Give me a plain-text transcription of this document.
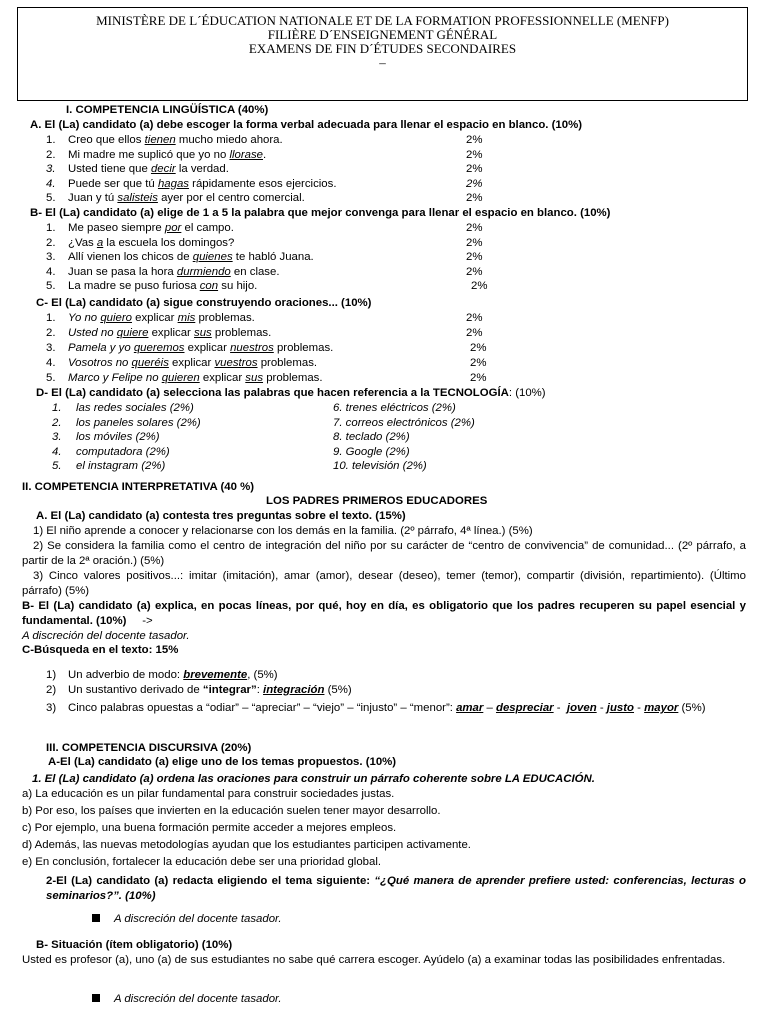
MINISTÈRE DE L´ÉDUCATION NATIONALE ET DE LA FORMATION PROFESSIONNELLE (MENFP)
FILIÈRE D´ENSEIGNEMENT GÉNÉRAL
EXAMENS DE FIN D´ÉTUDES SECONDAIRES
–
I. COMPETENCIA LINGÜÍSTICA (40%)
A. El (La) candidato (a) debe escoger la forma verbal adecuada para llenar el espacio en blanco. (10%)
1. Creo que ellos tienen mucho miedo ahora.	2%
2. Mi madre me suplicó que yo no llorase.	2%
3. Usted tiene que decir la verdad.	2%
4. Puede ser que tú hagas rápidamente esos ejercicios.	2%
5. Juan y tú salisteis ayer por el centro comercial.	2%
B- El (La) candidato (a) elige de 1 a 5 la palabra que mejor convenga para llenar el espacio en blanco. (10%)
1. Me paseo siempre por el campo.	2%
2. ¿Vas a la escuela los domingos?	2%
3. Allí vienen los chicos de quienes te habló Juana.	2%
4. Juan se pasa la hora durmiendo en clase.	2%
5. La madre se puso furiosa con su hijo.	2%
C- El (La) candidato (a) sigue construyendo oraciones... (10%)
1. Yo no quiero explicar mis problemas.	2%
2. Usted no quiere explicar sus problemas.	2%
3. Pamela y yo queremos explicar nuestros problemas.	2%
4. Vosotros no queréis explicar vuestros problemas.	2%
5. Marco y Felipe no quieren explicar sus problemas.	2%
D- El (La) candidato (a) selecciona las palabras que hacen referencia a la TECNOLOGÍA: (10%)
1. las redes sociales (2%)
2. los paneles solares (2%)
3. los móviles (2%)
4. computadora (2%)
5. el instagram (2%)
6. trenes eléctricos (2%)
7. correos electrónicos (2%)
8. teclado (2%)
9. Google (2%)
10. televisión (2%)
II. COMPETENCIA INTERPRETATIVA (40 %)
LOS PADRES PRIMEROS EDUCADORES
A. El (La) candidato (a) contesta tres preguntas sobre el texto. (15%)
1) El niño aprende a conocer y relacionarse con los demás en la familia. (2º párrafo, 4ª línea.) (5%)
2) Se considera la familia como el centro de integración del niño por su carácter de “centro de convivencia” de comunidad... (2º párrafo, a partir de la 2ª oración.) (5%)
3) Cinco valores positivos...: imitar (imitación), amar (amor), desear (deseo), temer (temor), compartir (división, repartimiento). (Último párrafo) (5%)
B- El (La) candidato (a) explica, en pocas líneas, por qué, hoy en día, es obligatorio que los padres recuperen su papel esencial y fundamental. (10%) ->
A discreción del docente tasador.
C-Búsqueda en el texto: 15%
1) Un adverbio de modo: brevemente, (5%)
2) Un sustantivo derivado de “integrar”: integración (5%)
3) Cinco palabras opuestas a “odiar” – “apreciar” – “viejo” – “injusto” – “menor”: amar – despreciar -  joven - justo - mayor (5%)
III. COMPETENCIA DISCURSIVA (20%)
A-El (La) candidato (a) elige uno de los temas propuestos. (10%)
1. El (La) candidato (a) ordena las oraciones para construir un párrafo coherente sobre LA EDUCACIÓN.
a) La educación es un pilar fundamental para construir sociedades justas.
b) Por eso, los países que invierten en la educación suelen tener mayor desarrollo.
c) Por ejemplo, una buena formación permite acceder a mejores empleos.
d) Además, las nuevas metodologías ayudan que los estudiantes participen activamente.
e) En conclusión, fortalecer la educación debe ser una prioridad global.
2-El (La) candidato (a) redacta eligiendo el tema siguiente: “¿Qué manera de aprender prefiere usted: conferencias, lecturas o seminarios?”. (10%)
A discreción del docente tasador.
B- Situación (ítem obligatorio) (10%)
Usted es profesor (a), uno (a) de sus estudiantes no sabe qué carrera escoger. Ayúdelo (a) a examinar todas las posibilidades enfrentadas.
A discreción del docente tasador.
